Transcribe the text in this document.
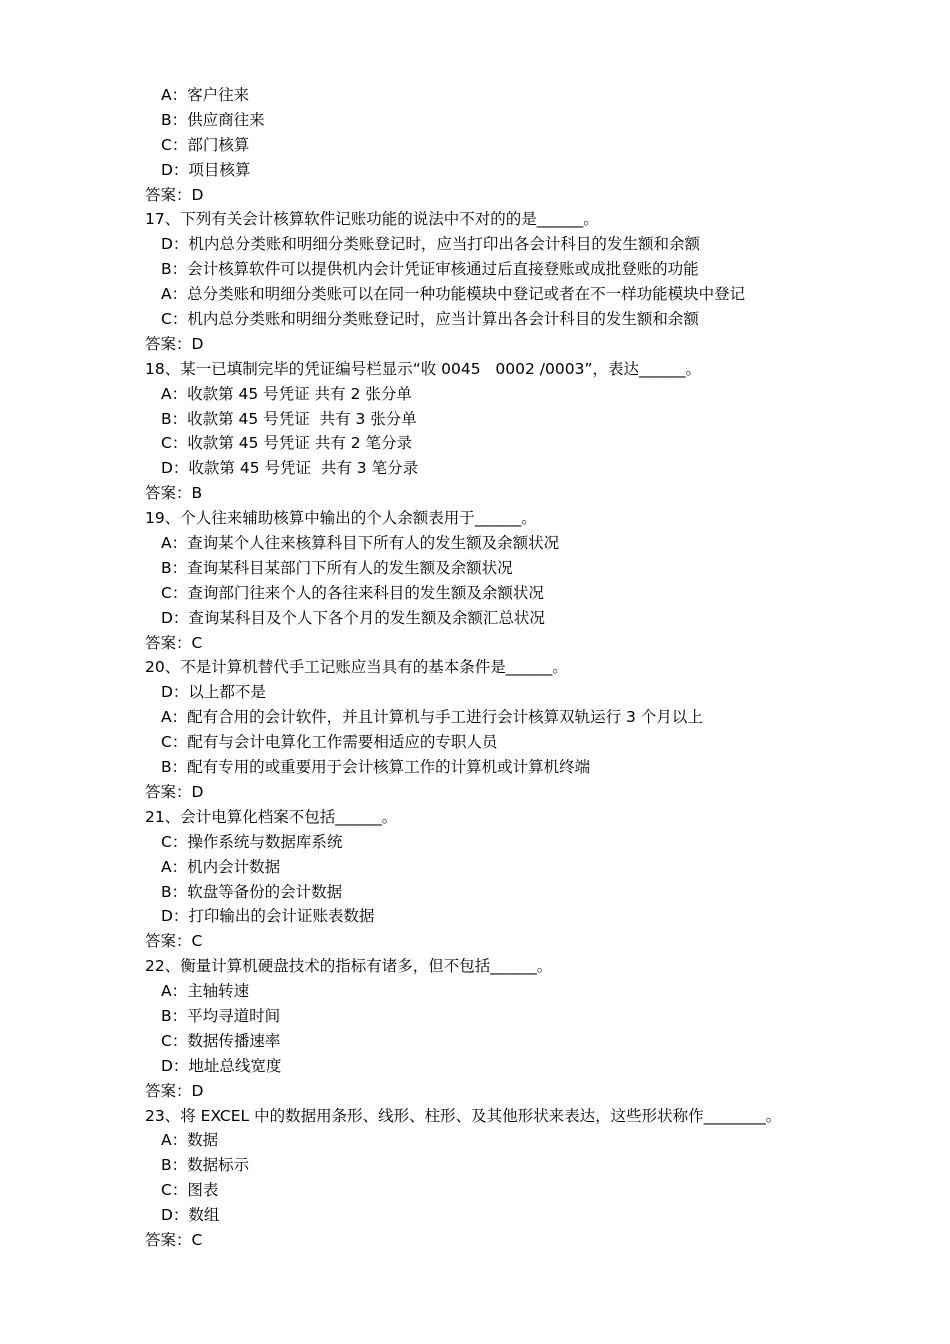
A：客户往来
B：供应商往来
C：部门核算
D：项目核算
答案：D
17、下列有关会计核算软件记账功能的说法中不对的的是______。
D：机内总分类账和明细分类账登记时，应当打印出各会计科目的发生额和余额
B：会计核算软件可以提供机内会计凭证审核通过后直接登账或成批登账的功能
A：总分类账和明细分类账可以在同一种功能模块中登记或者在不一样功能模块中登记
C：机内总分类账和明细分类账登记时，应当计算出各会计科目的发生额和余额
答案：D
18、某一已填制完毕的凭证编号栏显示“收 0045   0002 /0003”，表达______。
A：收款第 45 号凭证 共有 2 张分单
B：收款第 45 号凭证  共有 3 张分单
C：收款第 45 号凭证 共有 2 笔分录
D：收款第 45 号凭证  共有 3 笔分录
答案：B
19、个人往来辅助核算中输出的个人余额表用于______。
A：查询某个人往来核算科目下所有人的发生额及余额状况
B：查询某科目某部门下所有人的发生额及余额状况
C：查询部门往来个人的各往来科目的发生额及余额状况
D：查询某科目及个人下各个月的发生额及余额汇总状况
答案：C
20、不是计算机替代手工记账应当具有的基本条件是______。
D：以上都不是
A：配有合用的会计软件，并且计算机与手工进行会计核算双轨运行 3 个月以上
C：配有与会计电算化工作需要相适应的专职人员
B：配有专用的或重要用于会计核算工作的计算机或计算机终端
答案：D
21、会计电算化档案不包括______。
C：操作系统与数据库系统
A：机内会计数据
B：软盘等备份的会计数据
D：打印输出的会计证账表数据
答案：C
22、衡量计算机硬盘技术的指标有诸多，但不包括______。
A：主轴转速
B：平均寻道时间
C：数据传播速率
D：地址总线宽度
答案：D
23、将 EXCEL 中的数据用条形、线形、柱形、及其他形状来表达，这些形状称作________。
A：数据
B：数据标示
C：图表
D：数组
答案：C
